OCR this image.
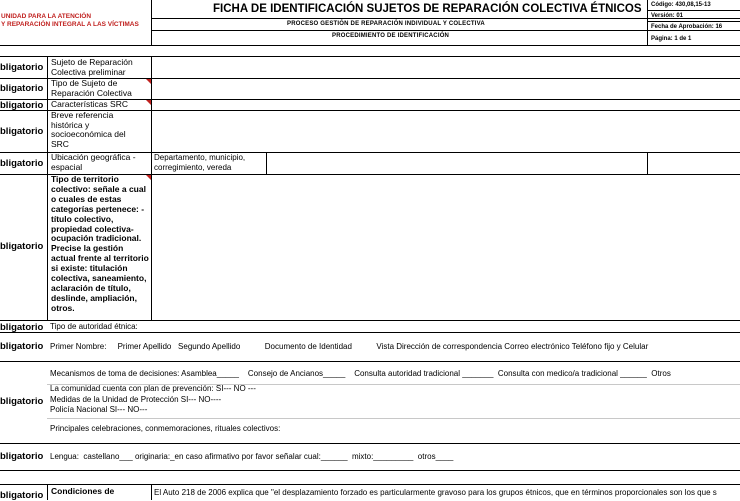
UNIDAD PARA LA ATENCIÓN
Y REPARACIÓN INTEGRAL A LAS VÍCTIMAS
FICHA DE IDENTIFICACIÓN SUJETOS DE REPARACIÓN COLECTIVA ÉTNICOS
PROCESO GESTIÓN DE REPARACIÓN INDIVIDUAL Y COLECTIVA
PROCEDIMIENTO DE IDENTIFICACIÓN
Código: 430,08,15-13
Versión: 01
Fecha de Aprobación: 16
Página: 1 de 1
bligatorio Sujeto de Reparación Colectiva preliminar
bligatorio Tipo de Sujeto de Reparación Colectiva
bligatorio Características SRC
bligatorio
Breve referencia histórica y socioeconómica del SRC
bligatorio
Ubicación geográfica - espacial
Departamento, municipio,
corregimiento, vereda
bligatorio
Tipo de territorio colectivo: señale a cual o cuales de estas categorías pertenece: -título colectivo, propiedad colectiva-ocupación tradicional. Precise la gestión actual frente al territorio si existe: titulación colectiva, saneamiento, aclaración de título, deslinde, ampliación, otros.
bligatorio Tipo de autoridad étnica:
bligatorio Primer Nombre:     Primer Apellido   Segundo Apellido           Documento de Identidad           Vista Dirección de correspondencia Correo electrónico Teléfono fijo y Celular
bligatorio
Mecanismos de toma de decisiones: Asamblea_____    Consejo de Ancianos_____    Consulta autoridad tradicional _______  Consulta con medico/a tradicional ______  Otros
La comunidad cuenta con plan de prevención: SI--- NO ---
Medidas de la Unidad de Protección SI--- NO----
Policía Nacional SI--- NO---
Principales celebraciones, conmemoraciones, rituales colectivos:
bligatorio Lengua:  castellano___ originaria:_en caso afirmativo por favor señalar cual:______  mixto:_________  otros____
bligatorio Condiciones de	El Auto 218 de 2006 explica que "el desplazamiento forzado es particularmente gravoso para los grupos étnicos, que en términos proporcionales son los que s
